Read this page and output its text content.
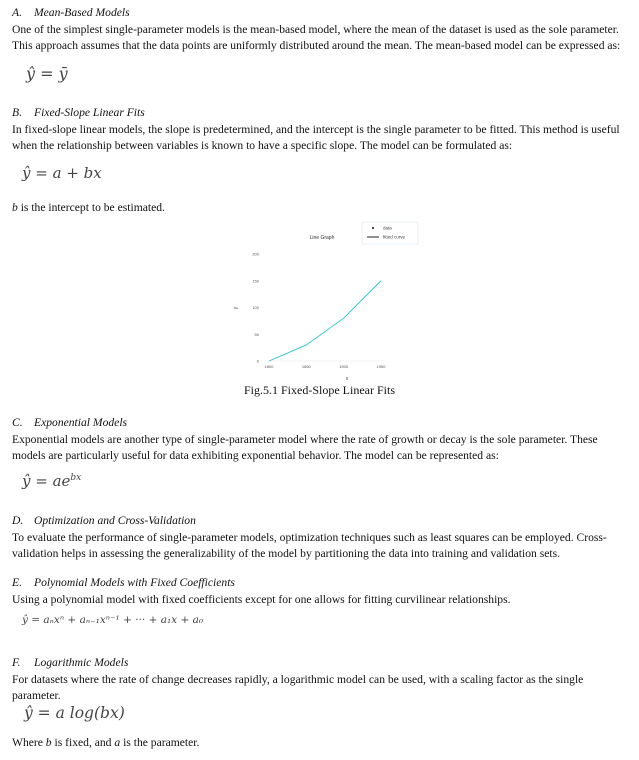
A. Mean-Based Models
One of the simplest single-parameter models is the mean-based model, where the mean of the dataset is used as the sole parameter. This approach assumes that the data points are uniformly distributed around the mean. The mean-based model can be expressed as:
ŷ = ȳ
B. Fixed-Slope Linear Fits
In fixed-slope linear models, the slope is predetermined, and the intercept is the single parameter to be fitted. This method is useful when the relationship between variables is known to have a specific slope. The model can be formulated as:
ŷ = a + bx
b is the intercept to be estimated.
Line Graph
data
fitted curve
y
x
0
50
100
150
200
1800	1850	1900	1950
Fig.5.1 Fixed-Slope Linear Fits
C. Exponential Models
Exponential models are another type of single-parameter model where the rate of growth or decay is the sole parameter. These models are particularly useful for data exhibiting exponential behavior. The model can be represented as:
ŷ = $ae^{bx}$
D. Optimization and Cross-Validation
To evaluate the performance of single-parameter models, optimization techniques such as least squares can be employed. Cross-validation helps in assessing the generalizability of the model by partitioning the data into training and validation sets.
E. Polynomial Models with Fixed Coefficients
Using a polynomial model with fixed coefficients except for one allows for fitting curvilinear relationships.
ŷ = aₙxⁿ + aₙ₋₁xⁿ⁻¹ + ··· + a₁x + a₀
F. Logarithmic Models
For datasets where the rate of change decreases rapidly, a logarithmic model can be used, with a scaling factor as the single parameter.
ŷ = a log(bx)
Where b is fixed, and a is the parameter.
